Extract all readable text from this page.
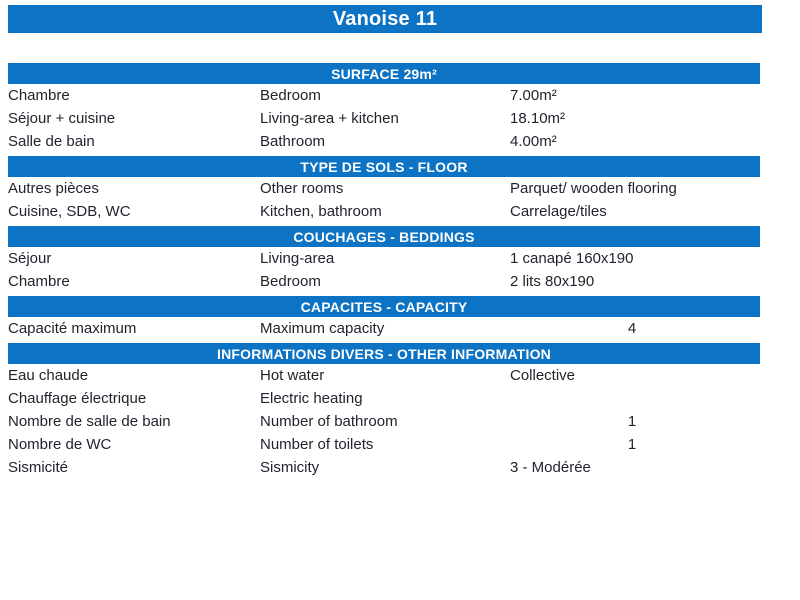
Vanoise 11
SURFACE 29m²
Chambre	Bedroom	7.00m²
Séjour + cuisine	Living-area + kitchen	18.10m²
Salle de bain	Bathroom	4.00m²
TYPE DE SOLS - FLOOR
Autres pièces	Other rooms	Parquet/ wooden flooring
Cuisine, SDB, WC	Kitchen, bathroom	Carrelage/tiles
COUCHAGES - BEDDINGS
Séjour	Living-area	1 canapé 160x190
Chambre	Bedroom	2 lits 80x190
CAPACITES - CAPACITY
Capacité maximum	Maximum capacity	4
INFORMATIONS DIVERS - OTHER INFORMATION
Eau chaude	Hot water	Collective
Chauffage électrique	Electric heating
Nombre de salle de bain	Number of bathroom	1
Nombre de WC	Number of toilets	1
Sismicité	Sismicity	3 - Modérée
